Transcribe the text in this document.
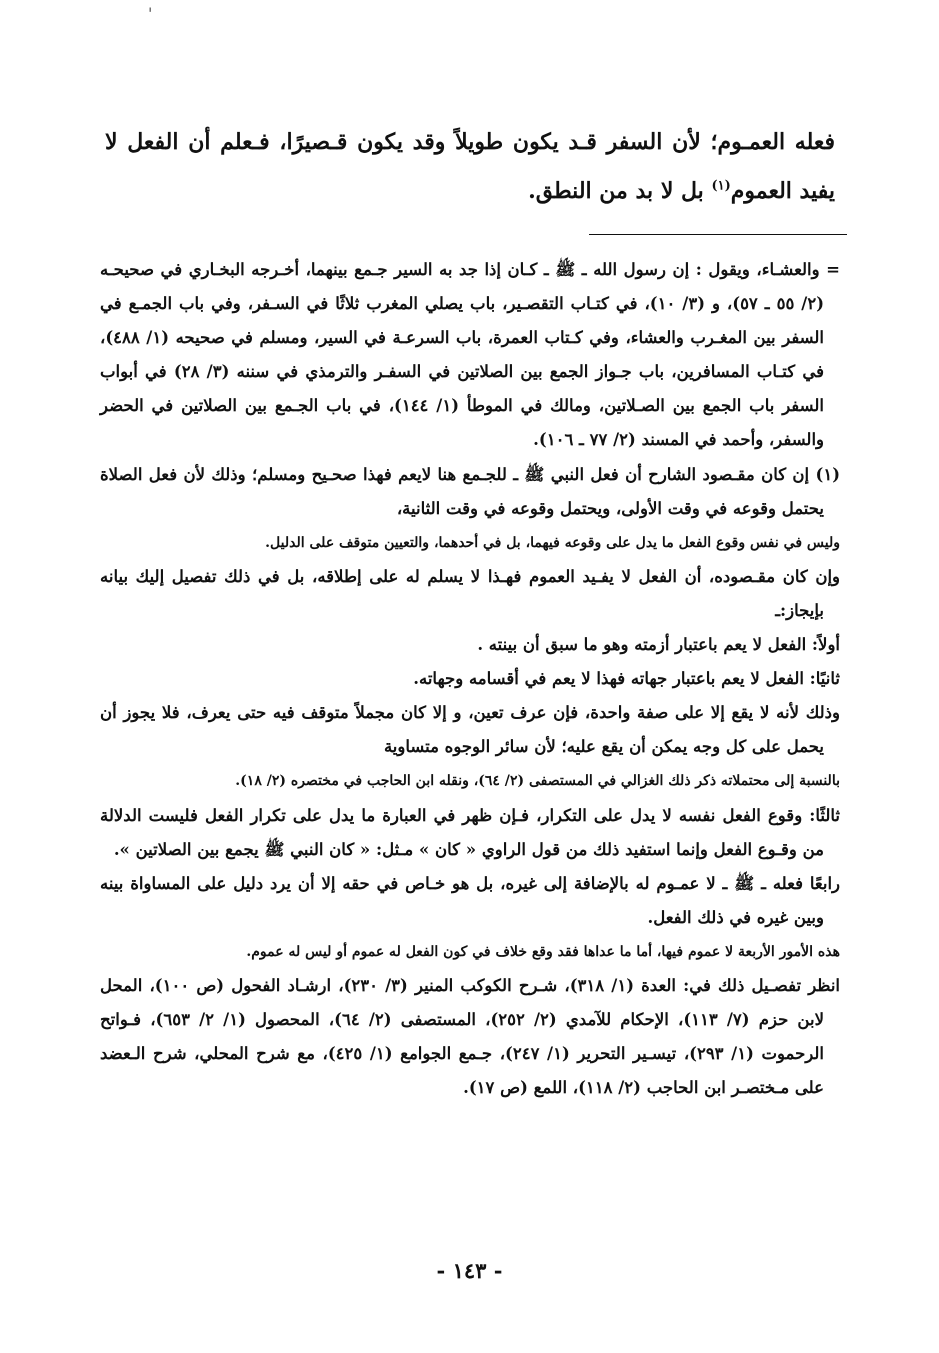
'
فعله العمـوم؛ لأن السفر قـد يكون طويلاً وقد يكون قـصيرًا، فـعلم أن الفعل لا يفيد العموم$^{(١)}$ بل لا بد من النطق.

= والعشـاء، ويقول : إن رسول الله ـ ﷺ ـ كـان إذا جد به السير جـمع بينهما، أخـرجه البخـاري في صحيحـه (٢/ ٥٥ ـ ٥٧)، و (٣/ ١٠)، في كتـاب التقصـير، باب يصلي المغرب ثلاثًا في السـفر، وفي باب الجمـع في السفر بين المغـرب والعشاء، وفي كـتاب العمرة، باب السرعـة في السير، ومسلم في صحيحه (١/ ٤٨٨)، في كتـاب المسافرين، باب جـواز الجمع بين الصلاتين في السفـر والترمذي في سننه (٣/ ٢٨) في أبواب السفر باب الجمع بين الصـلاتين، ومالك في الموطأ (١/ ١٤٤)، في باب الجـمع بين الصلاتين في الحضر والسفر، وأحمد في المسند (٢/ ٧٧ ـ ١٠٦).

(١) إن كان مقـصود الشارح أن فعل النبي ﷺ ـ للجـمع هنا لايعم فهذا صحـيح ومسلم؛ وذلك لأن فعل الصلاة يحتمل وقوعه في وقت الأولى، ويحتمل وقوعه في وقت الثانية،

وليس في نفس وقوع الفعل ما يدل على وقوعه فيهما، بل في أحدهما، والتعيين متوقف على الدليل.

وإن كان مقـصوده، أن الفعل لا يفـيد العموم فهـذا لا يسلم له على إطلاقه، بل في ذلك تفصيل إليك بيانه بإيجاز:ـ

أولاً: الفعل لا يعم باعتبار أزمته وهو ما سبق أن بينته .

ثانيًا: الفعل لا يعم باعتبار جهاته فهذا لا يعم في أقسامه وجهاته.

وذلك لأنه لا يقع إلا على صفة واحدة، فإن عرف تعين، و إلا كان مجملاً متوقف فيه حتى يعرف، فلا يجوز أن يحمل على كل وجه يمكن أن يقع عليه؛ لأن سائر الوجوه متساوية

بالنسبة إلى محتملاته ذكر ذلك الغزالي في المستصفى (٢/ ٦٤)، ونقله ابن الحاجب في مختصره (٢/ ١٨).

ثالثًا: وقوع الفعل نفسه لا يدل على التكرار، فـإن ظهر في العبارة ما يدل على تكرار الفعل فليست الدلالة من وقـوع الفعل وإنما استفيد ذلك من قول الراوي « كان » مـثل: « كان النبي ﷺ يجمع بين الصلاتين ».

رابعًا فعله ـ ﷺ ـ لا عمـوم له بالإضافة إلى غيره، بل هو خـاص في حقه إلا أن يرد دليل على المساواة بينه وبين غيره في ذلك الفعل.

هذه الأمور الأربعة لا عموم فيها، أما ما عداها فقد وقع خلاف في كون الفعل له عموم أو ليس له عموم.

انظر تفصـيل ذلك في: العدة (١/ ٣١٨)، شـرح الكوكب المنير (٣/ ٢٣٠)، ارشـاد الفحول (ص ١٠٠)، المحل لابن حزم (٧/ ١١٣)، الإحكام للآمدي (٢/ ٢٥٢)، المستصفى (٢/ ٦٤)، المحصول (١/ ٢/ ٦٥٣)، فـواتح الرحموت (١/ ٢٩٣)، تيسـير التحرير (١/ ٢٤٧)، جـمع الجوامع (١/ ٤٢٥)، مع شرح المحلي، شرح الـعضد على مـختصـر ابن الحاجب (٢/ ١١٨)، اللمع (ص ١٧).

- ١٤٣ -
